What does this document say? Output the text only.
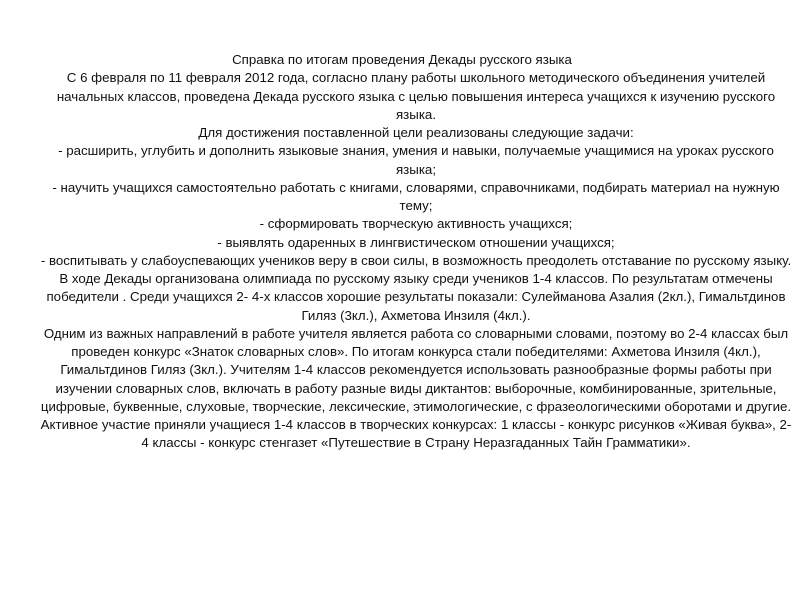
Справка по итогам проведения Декады русского языка

С 6 февраля по 11 февраля 2012 года, согласно плану работы школьного методического объединения учителей начальных классов, проведена Декада русского языка с целью повышения интереса учащихся к изучению русского языка.

Для достижения поставленной цели реализованы следующие задачи:

- расширить, углубить и дополнить языковые знания, умения и навыки, получаемые учащимися на уроках русского языка;

- научить учащихся самостоятельно работать с книгами, словарями, справочниками, подбирать материал на нужную тему;

- сформировать творческую активность учащихся;

- выявлять одаренных в лингвистическом отношении учащихся;

- воспитывать у слабоуспевающих учеников веру в свои силы, в возможность преодолеть отставание по русскому языку.

В ходе Декады организована олимпиада по русскому языку среди учеников 1-4 классов. По результатам отмечены победители . Среди учащихся 2- 4-х классов хорошие результаты показали: Сулейманова Азалия (2кл.), Гимальтдинов Гиляз (3кл.), Ахметова Инзиля (4кл.).

Одним из важных направлений в работе учителя является работа со словарными словами, поэтому во 2-4 классах был проведен конкурс «Знаток словарных слов». По итогам конкурса стали победителями: Ахметова Инзиля (4кл.), Гимальтдинов Гиляз (3кл.). Учителям 1-4 классов рекомендуется использовать разнообразные формы работы при изучении словарных слов, включать в работу разные виды диктантов: выборочные, комбинированные, зрительные, цифровые, буквенные, слуховые, творческие, лексические, этимологические, с фразеологическими оборотами и другие.

Активное участие приняли учащиеся 1-4 классов в творческих конкурсах: 1 классы - конкурс рисунков «Живая буква», 2-4 классы - конкурс стенгазет «Путешествие в Страну Неразгаданных Тайн Грамматики».
